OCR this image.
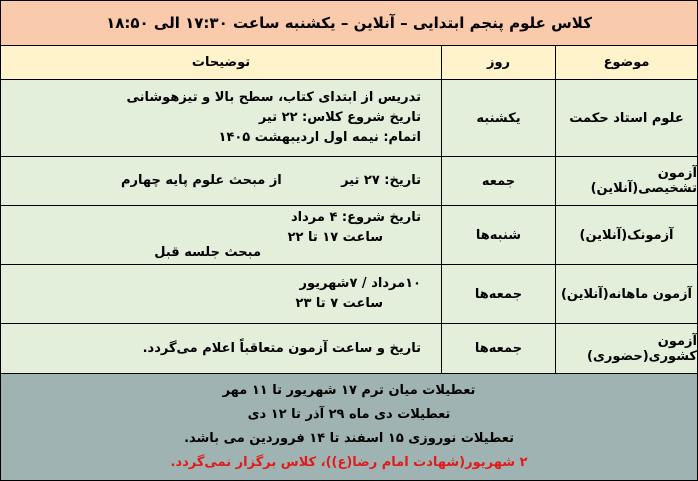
کلاس علوم پنجم ابتدایی – آنلاین – یکشنبه ساعت ۱۷:۳۰ الی ۱۸:۵۰
موضوع
روز
توضیحات
علوم استاد حکمت
یکشنبه
تدریس از ابتدای کتاب، سطح بالا و تیزهوشانی
تاریخ شروع کلاس: ۲۲ تیر
اتمام: نیمه اول اردیبهشت ۱۴۰۵
آزمون تشخیصی(آنلاین)
جمعه
تاریخ: ۲۷ تیر
از مبحث علوم پایه چهارم
آزمونک(آنلاین)
شنبه‌ها
تاریخ شروع: ۴ مرداد
ساعت ۱۷ تا ۲۲
مبحث جلسه قبل
آزمون ماهانه(آنلاین)
جمعه‌ها
۱۰مرداد / ۷شهریور
ساعت ۷ تا ۲۳
آزمون کشوری(حضوری)
جمعه‌ها
تاریخ و ساعت آزمون متعاقباً اعلام می‌گردد.
تعطیلات میان ترم ۱۷ شهریور تا ۱۱ مهر
تعطیلات دی ماه ۲۹ آذر تا ۱۲ دی
تعطیلات نوروزی ۱۵ اسفند تا ۱۴ فروردین می باشد.
۲ شهریور(شهادت امام رضا(ع))، کلاس برگزار نمی‌گردد.
